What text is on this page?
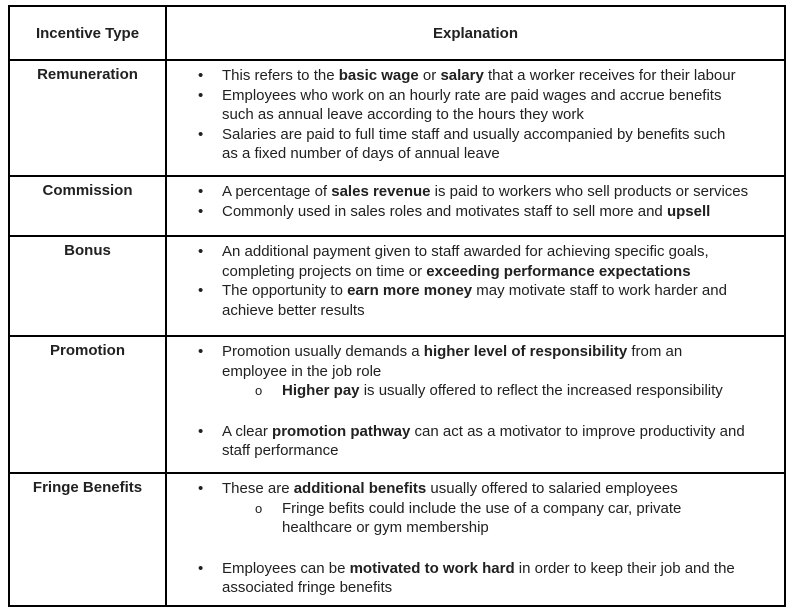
Incentive Type	Explanation
Remuneration	•	This refers to the basic wage or salary that a worker receives for their labour
•	Employees who work on an hourly rate are paid wages and accrue benefits
such as annual leave according to the hours they work
•	Salaries are paid to full time staff and usually accompanied by benefits such
as a fixed number of days of annual leave

Commission	• A percentage of sales revenue is paid to workers who sell products or services
• Commonly used in sales roles and motivates staff to sell more and upsell

Bonus	•	An additional payment given to staff awarded for achieving specific goals,
completing projects on time or exceeding performance expectations
•	The opportunity to earn more money may motivate staff to work harder and
achieve better results

Promotion	•	Promotion usually demands a higher level of responsibility from an
employee in the job role
o	Higher pay is usually offered to reflect the increased responsibility
•	A clear promotion pathway can act as a motivator to improve productivity and
staff performance

Fringe Benefits	•	These are additional benefits usually offered to salaried employees
o	Fringe befits could include the use of a company car, private
healthcare or gym membership
•	Employees can be motivated to work hard in order to keep their job and the
associated fringe benefits
